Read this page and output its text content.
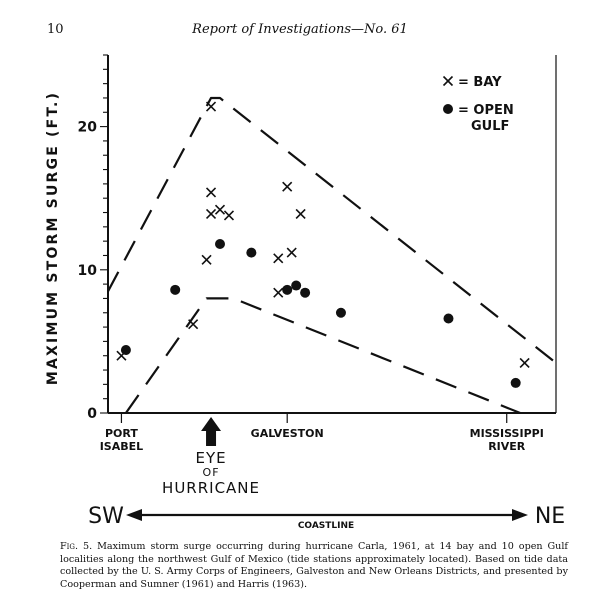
10	Report of Investigations—No. 61
0
10
20
MAXIMUM STORM SURGE (FT.)
= BAY
= OPEN
GULF
PORT
ISABEL
GALVESTON	MISSISSIPPI
RIVER
EYE
OF
HURRICANE
SW	NE
COASTLINE
Fig. 5. Maximum storm surge occurring during hurricane Carla, 1961, at 14 bay and 10 open Gulf localities along the northwest Gulf of Mexico (tide stations approximately located). Based on tide data collected by the U. S. Army Corps of Engineers, Galveston and New Orleans Districts, and presented by Cooperman and Sumner (1961) and Harris (1963).
